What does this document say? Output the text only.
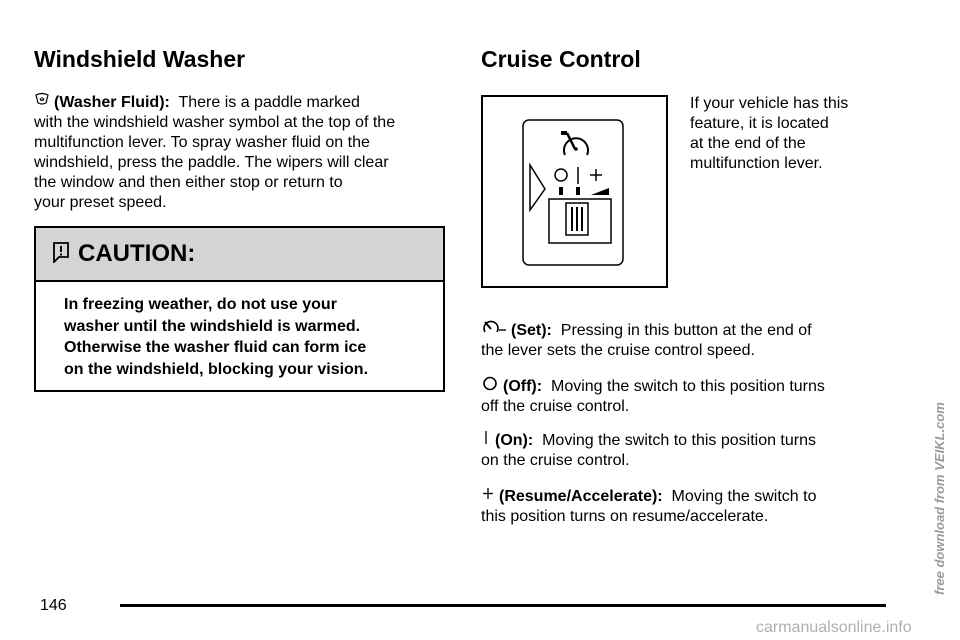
Windshield Washer
(Washer Fluid): There is a paddle marked
with the windshield washer symbol at the top of the
multifunction lever. To spray washer fluid on the
windshield, press the paddle. The wipers will clear
the window and then either stop or return to
your preset speed.
CAUTION:
In freezing weather, do not use your
washer until the windshield is warmed.
Otherwise the washer fluid can form ice
on the windshield, blocking your vision.
Cruise Control
If your vehicle has this
feature, it is located
at the end of the
multifunction lever.
(Set): Pressing in this button at the end of
the lever sets the cruise control speed.
(Off): Moving the switch to this position turns
off the cruise control.
(On): Moving the switch to this position turns
on the cruise control.
(Resume/Accelerate): Moving the switch to
this position turns on resume/accelerate.
146
carmanualsonline.info
free download from VEIKL.com
